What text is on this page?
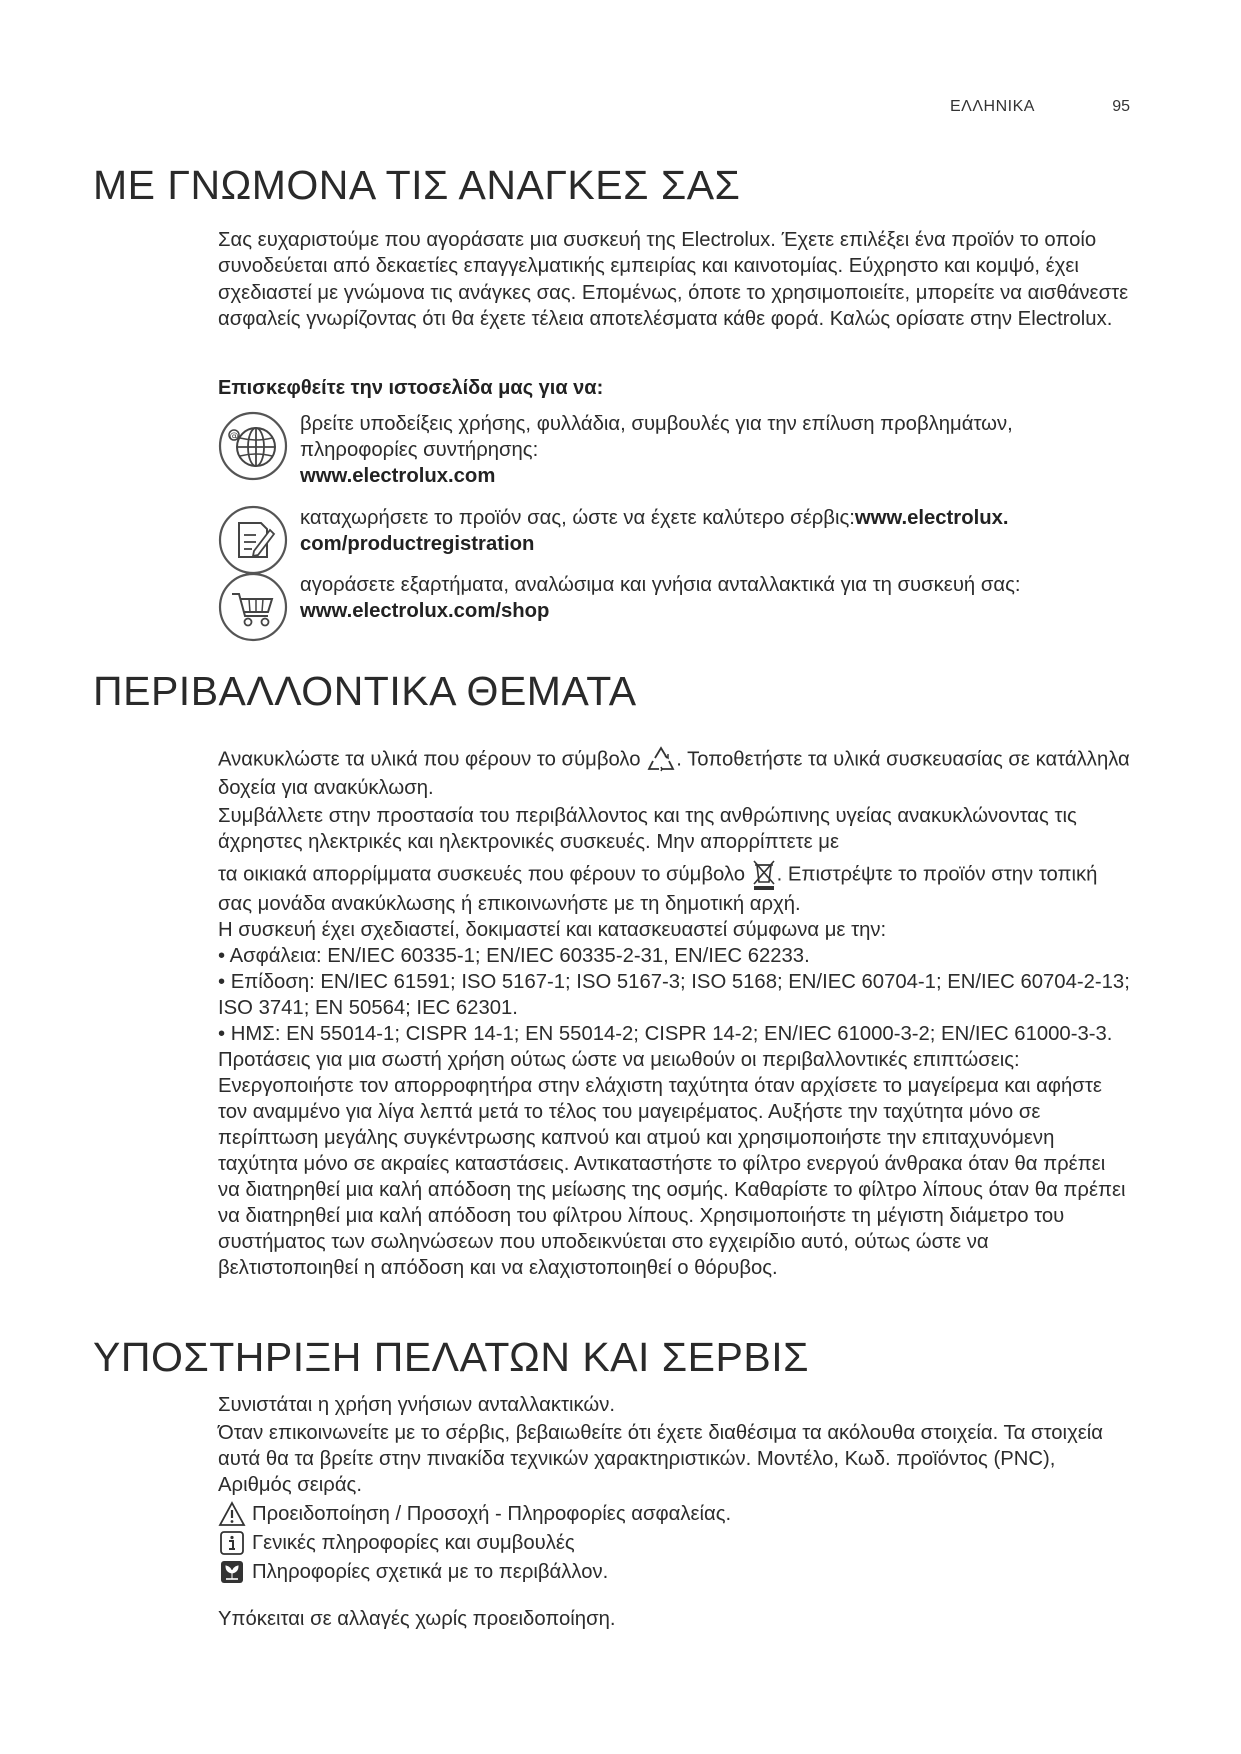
ΕΛΛΗΝΙΚΑ	95
ΜΕ ΓΝΩΜΟΝΑ ΤΙΣ ΑΝΑΓΚΕΣ ΣΑΣ
Σας ευχαριστούμε που αγοράσατε μια συσκευή της Electrolux. Έχετε επιλέξει ένα προϊόν το οποίο συνοδεύεται από δεκαετίες επαγγελματικής εμπειρίας και καινοτομίας. Εύχρηστο και κομψό, έχει σχεδιαστεί με γνώμονα τις ανάγκες σας. Επομένως, όποτε το χρησιμοποιείτε, μπορείτε να αισθάνεστε ασφαλείς γνωρίζοντας ότι θα έχετε τέλεια αποτελέσματα κάθε φορά. Καλώς ορίσατε στην Electrolux.
Επισκεφθείτε την ιστοσελίδα μας για να:
@
βρείτε υποδείξεις χρήσης, φυλλάδια, συμβουλές για την επίλυση προβλημάτων, πληροφορίες συντήρησης:
www.electrolux.com
καταχωρήσετε το προϊόν σας, ώστε να έχετε καλύτερο σέρβις:www.electrolux. com/productregistration
αγοράσετε εξαρτήματα, αναλώσιμα και γνήσια ανταλλακτικά για τη συσκευή σας:
www.electrolux.com/shop
ΠΕΡΙΒΑΛΛΟΝΤΙΚΑ ΘΕΜΑΤΑ

Ανακυκλώστε τα υλικά που φέρουν το σύμβολο . Τοποθετήστε τα υλικά συσκευασίας σε κατάλληλα δοχεία για ανακύκλωση.

Συμβάλλετε στην προστασία του περιβάλλοντος και της ανθρώπινης υγείας ανακυκλώνοντας τις άχρηστες ηλεκτρικές και ηλεκτρονικές συσκευές. Μην απορρίπτετε με

τα οικιακά απορρίμματα συσκευές που φέρουν το σύμβολο . Επιστρέψτε το προϊόν στην τοπική σας μονάδα ανακύκλωσης ή επικοινωνήστε με τη δημοτική αρχή.

Η συσκευή έχει σχεδιαστεί, δοκιμαστεί και κατασκευαστεί σύμφωνα με την:

• Ασφάλεια: EN/IEC 60335-1; EN/IEC 60335-2-31, EN/IEC 62233.

• Επίδοση: EN/IEC 61591; ISO 5167-1; ISO 5167-3; ISO 5168; EN/IEC 60704-1; EN/IEC 60704-2-13; ISO 3741; EN 50564; IEC 62301.

• ΗΜΣ: EN 55014-1; CISPR 14-1; EN 55014-2; CISPR 14-2; EN/IEC 61000-3-2; EN/IEC 61000-3-3.

Προτάσεις για μια σωστή χρήση ούτως ώστε να μειωθούν οι περιβαλλοντικές επιπτώσεις: Ενεργοποιήστε τον απορροφητήρα στην ελάχιστη ταχύτητα όταν αρχίσετε το μαγείρεμα και αφήστε τον αναμμένο για λίγα λεπτά μετά το τέλος του μαγειρέματος. Αυξήστε την ταχύτητα μόνο σε περίπτωση μεγάλης συγκέντρωσης καπνού και ατμού και χρησιμοποιήστε την επιταχυνόμενη ταχύτητα μόνο σε ακραίες καταστάσεις. Αντικαταστήστε το φίλτρο ενεργού άνθρακα όταν θα πρέπει να διατηρηθεί μια καλή απόδοση της μείωσης της οσμής. Καθαρίστε το φίλτρο λίπους όταν θα πρέπει να διατηρηθεί μια καλή απόδοση του φίλτρου λίπους. Χρησιμοποιήστε τη μέγιστη διάμετρο του συστήματος των σωληνώσεων που υποδεικνύεται στο εγχειρίδιο αυτό, ούτως ώστε να βελτιστοποιηθεί η απόδοση και να ελαχιστοποιηθεί ο θόρυβος.

ΥΠΟΣΤΗΡΙΞΗ ΠΕΛΑΤΩΝ ΚΑΙ ΣΕΡΒΙΣ

Συνιστάται η χρήση γνήσιων ανταλλακτικών.

Όταν επικοινωνείτε με το σέρβις, βεβαιωθείτε ότι έχετε διαθέσιμα τα ακόλουθα στοιχεία. Τα στοιχεία αυτά θα τα βρείτε στην πινακίδα τεχνικών χαρακτηριστικών. Μοντέλο, Κωδ. προϊόντος (PNC), Αριθμός σειράς.

Προειδοποίηση / Προσοχή - Πληροφορίες ασφαλείας.
Γενικές πληροφορίες και συμβουλές
Πληροφορίες σχετικά με το περιβάλλον.
Υπόκειται σε αλλαγές χωρίς προειδοποίηση.
